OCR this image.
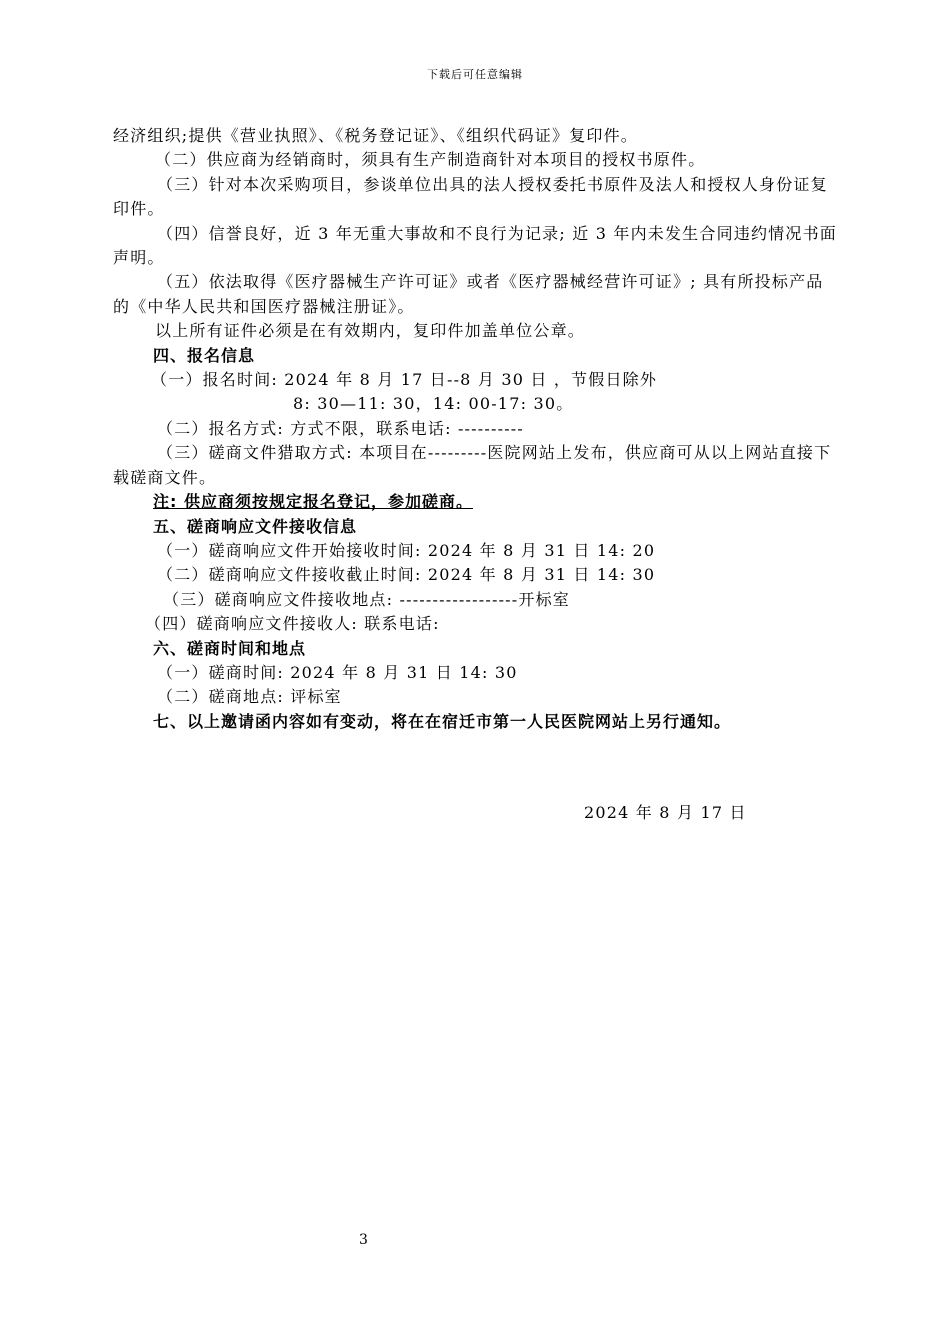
下载后可任意编辑
经济组织;提供《营业执照》、《税务登记证》、《组织代码证》复印件。
（二）供应商为经销商时，须具有生产制造商针对本项目的授权书原件。
（三）针对本次采购项目，参谈单位出具的法人授权委托书原件及法人和授权人身份证复印件。
（四）信誉良好，近 3 年无重大事故和不良行为记录; 近 3 年内未发生合同违约情况书面声明。
（五）依法取得《医疗器械生产许可证》或者《医疗器械经营许可证》; 具有所投标产品的《中华人民共和国医疗器械注册证》。
以上所有证件必须是在有效期内，复印件加盖单位公章。
四、报名信息
（一）报名时间: 2024 年 8 月 17 日--8 月 30 日 ，节假日除外
8: 30—11: 30，14: 00-17: 30。
（二）报名方式: 方式不限，联系电话: ----------
（三）磋商文件猎取方式: 本项目在---------医院网站上发布，供应商可从以上网站直接下载磋商文件。
注: 供应商须按规定报名登记，参加磋商。
五、磋商响应文件接收信息
（一）磋商响应文件开始接收时间: 2024 年 8 月 31 日 14: 20
（二）磋商响应文件接收截止时间: 2024 年 8 月 31 日 14: 30
（三）磋商响应文件接收地点: ------------------开标室
（四）磋商响应文件接收人: 联系电话:
六、磋商时间和地点
（一）磋商时间: 2024 年 8 月 31 日 14: 30
（二）磋商地点: 评标室
七、以上邀请函内容如有变动，将在在宿迁市第一人民医院网站上另行通知。
2024 年 8 月 17 日
3
